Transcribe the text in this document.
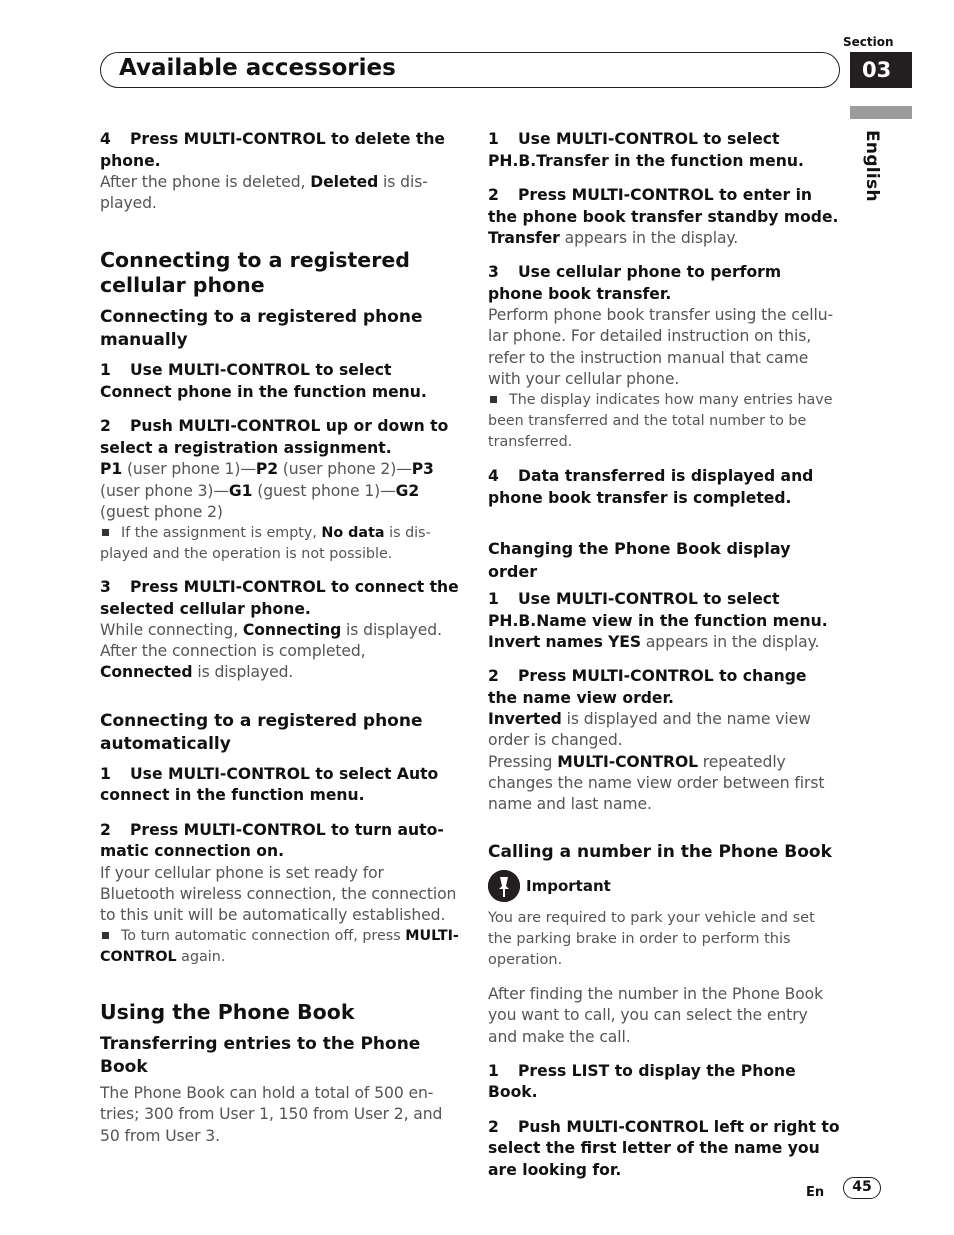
Section
03
Available accessories
English

4 Press MULTI-CONTROL to delete the phone.

After the phone is deleted, Deleted is dis- played.

Connecting to a registered cellular phone

Connecting to a registered phone manually

1 Use MULTI-CONTROL to select Connect phone in the function menu.

2 Push MULTI-CONTROL up or down to select a registration assignment.

P1 (user phone 1)—P2 (user phone 2)—P3 (user phone 3)—G1 (guest phone 1)—G2 (guest phone 2)

If the assignment is empty, No data is dis- played and the operation is not possible.

3 Press MULTI-CONTROL to connect the selected cellular phone.

While connecting, Connecting is displayed. After the connection is completed, Connected is displayed.

Connecting to a registered phone automatically

1 Use MULTI-CONTROL to select Auto connect in the function menu.

2 Press MULTI-CONTROL to turn auto- matic connection on.

If your cellular phone is set ready for Bluetooth wireless connection, the connection to this unit will be automatically established.

To turn automatic connection off, press MULTI-CONTROL again.

Using the Phone Book

Transferring entries to the Phone Book

The Phone Book can hold a total of 500 en- tries; 300 from User 1, 150 from User 2, and 50 from User 3.

1 Use MULTI-CONTROL to select PH.B.Transfer in the function menu.

2 Press MULTI-CONTROL to enter in the phone book transfer standby mode.

Transfer appears in the display.

3 Use cellular phone to perform phone book transfer.

Perform phone book transfer using the cellu- lar phone. For detailed instruction on this, refer to the instruction manual that came with your cellular phone.

The display indicates how many entries have been transferred and the total number to be transferred.

4 Data transferred is displayed and phone book transfer is completed.

Changing the Phone Book display order

1 Use MULTI-CONTROL to select PH.B.Name view in the function menu.

Invert names YES appears in the display.

2 Press MULTI-CONTROL to change the name view order.

Inverted is displayed and the name view order is changed.

Pressing MULTI-CONTROL repeatedly changes the name view order between first name and last name.

Calling a number in the Phone Book

Important

You are required to park your vehicle and set the parking brake in order to perform this operation.

After finding the number in the Phone Book you want to call, you can select the entry and make the call.

1 Press LIST to display the Phone Book.

2 Push MULTI-CONTROL left or right to select the first letter of the name you are looking for.

En	45
